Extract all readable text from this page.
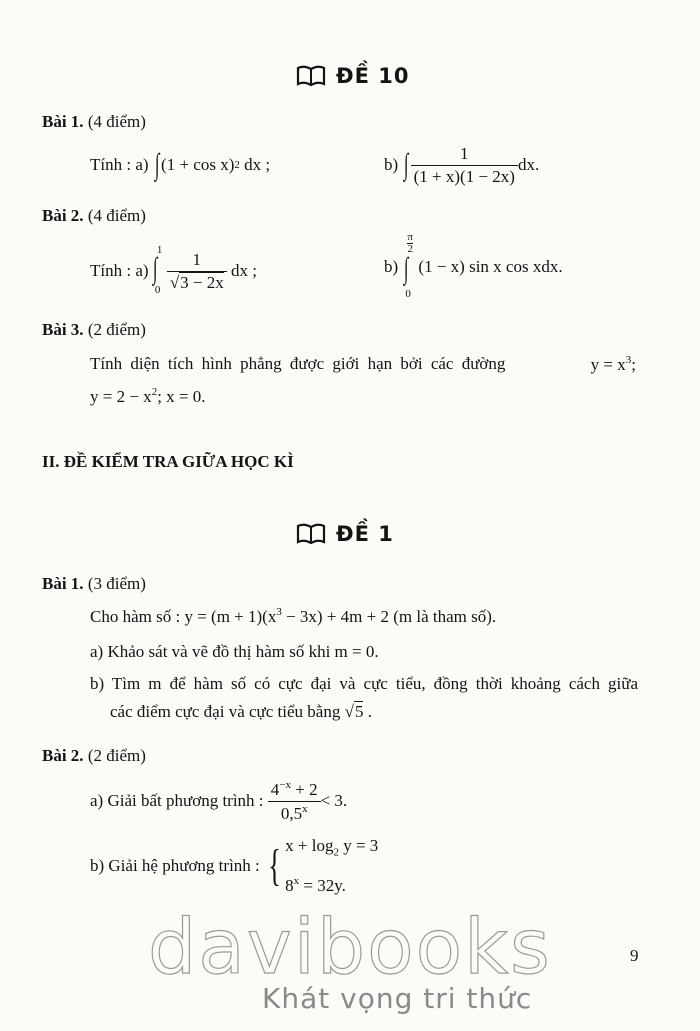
ĐỀ 10
Bài 1. (4 điểm)
Tính :
a)
∫ (1 + cos x) 2
dx ;	b)
∫ $\frac{1}{(1 + x)(1 - 2x)}$ dx.
Bài 2. (4 điểm)
Tính :
a)

1
∫
$0 \frac{1}{√3 - 2x}$
dx ;	b)

π
2
∫
0
(1 − x) sin x cos xdx.
Bài 3. (2 điểm)
Tính diện tích hình phẳng được giới hạn bởi các đường	$y = x^3$;
$y = 2 - x^2$; x = 0.
II. ĐỀ KIỂM TRA GIỮA HỌC KÌ
ĐỀ 1
Bài 1. (3 điểm)
Cho hàm số : $y = (m + 1)(x^3 - 3x) + 4m + 2$ (m là tham số).
a) Khảo sát và vẽ đồ thị hàm số khi m = 0.
b) Tìm m để hàm số có cực đại và cực tiểu, đồng thời khoảng cách giữa
các điểm cực đại và cực tiểu bằng √5 .
Bài 2. (2 điểm)
a) Giải bất phương trình :
$\frac{4^{-x} + 2}{0,5^x} < 3$.
b) Giải hệ phương trình :
{ $x + \log_2 y = 3$
$8^x = 32y$.
davibooks
Khát vọng tri thức
9
